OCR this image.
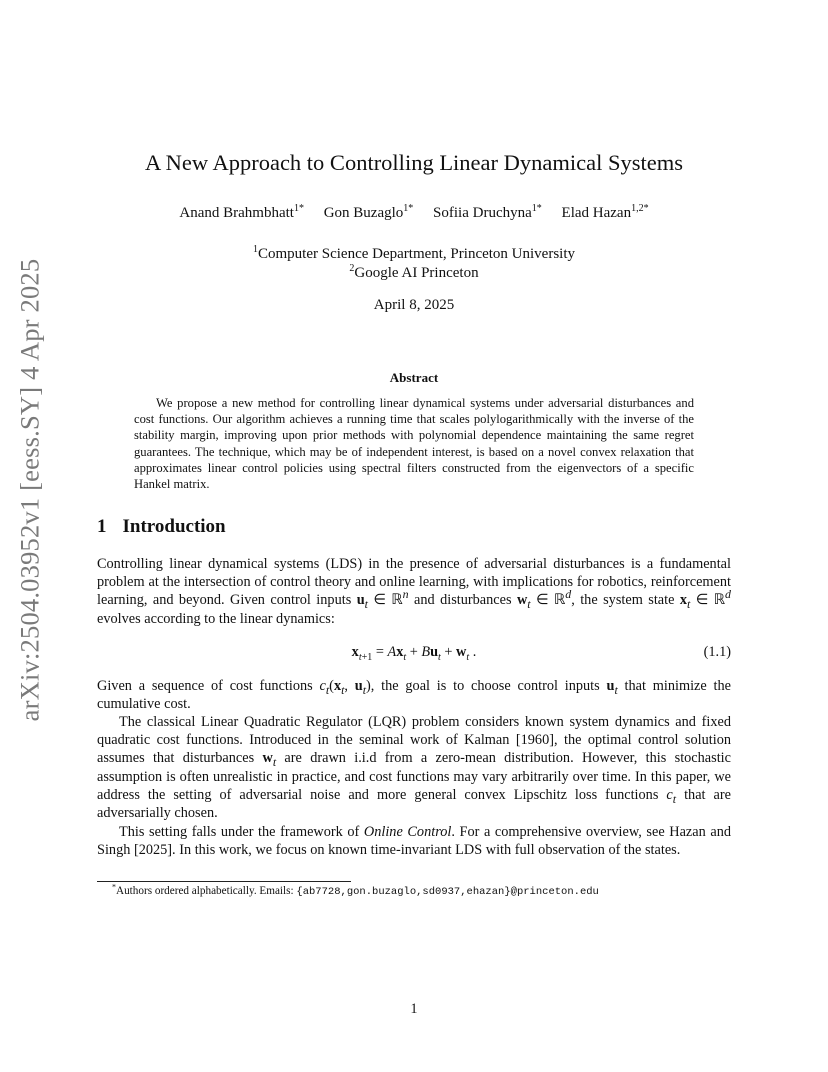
arXiv:2504.03952v1 [eess.SY] 4 Apr 2025
A New Approach to Controlling Linear Dynamical Systems
Anand Brahmbhatt$^{1*}$ Gon Buzaglo$^{1*}$ Sofiia Druchyna$^{1*}$ Elad Hazan$^{1,2*}$
$^1$Computer Science Department, Princeton University
$^2$Google AI Princeton
April 8, 2025
Abstract
We propose a new method for controlling linear dynamical systems under adversarial disturbances and cost functions. Our algorithm achieves a running time that scales polylogarithmically with the inverse of the stability margin, improving upon prior methods with polynomial dependence maintaining the same regret guarantees. The technique, which may be of independent interest, is based on a novel convex relaxation that approximates linear control policies using spectral filters constructed from the eigenvectors of a specific Hankel matrix.
1 Introduction

Controlling linear dynamical systems (LDS) in the presence of adversarial disturbances is a fundamental problem at the intersection of control theory and online learning, with implications for robotics, reinforcement learning, and beyond. Given control inputs $u_t$ ∈ ℝ$^n$ and disturbances $w_t$ ∈ ℝ$^d$, the system state $x_t$ ∈ ℝ$^d$ evolves according to the linear dynamics:

$x_{t+1} = Ax_t + Bu_t + w_t$ .	(1.1)

Given a sequence of cost functions $c_t(x_t$, $u_t$), the goal is to choose control inputs $u_t$ that minimize the cumulative cost.

The classical Linear Quadratic Regulator (LQR) problem considers known system dynamics and fixed quadratic cost functions. Introduced in the seminal work of Kalman [1960], the optimal control solution assumes that disturbances $w_t$ are drawn i.i.d from a zero-mean distribution. However, this stochastic assumption is often unrealistic in practice, and cost functions may vary arbitrarily over time. In this paper, we address the setting of adversarial noise and more general convex Lipschitz loss functions $c_t$ that are adversarially chosen.

This setting falls under the framework of Online Control. For a comprehensive overview, see Hazan and Singh [2025]. In this work, we focus on known time-invariant LDS with full observation of the states.

*Authors ordered alphabetically. Emails: {ab7728,gon.buzaglo,sd0937,ehazan}@princeton.edu
1
